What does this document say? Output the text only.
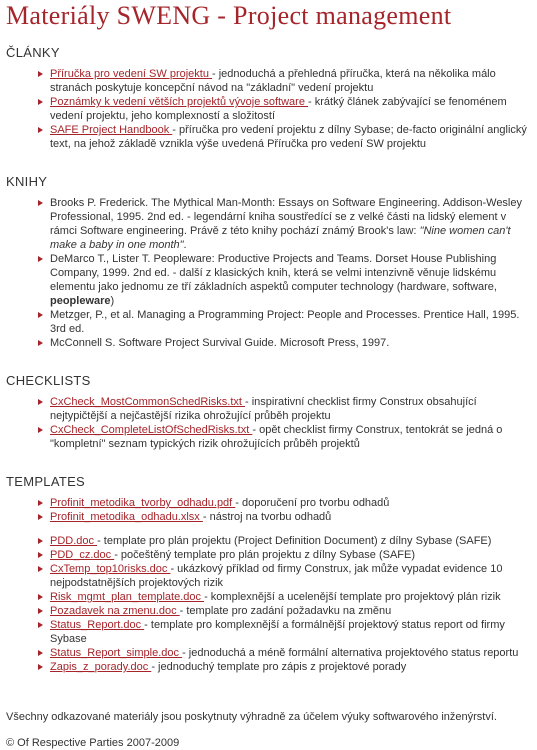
Materiály SWENG - Project management
ČLÁNKY
Příručka pro vedení SW projektu - jednoduchá a přehledná příručka, která na několika málo stranách poskytuje koncepční návod na "základní" vedení projektu
Poznámky k vedení větších projektů vývoje software - krátký článek zabývající se fenoménem vedení projektu, jeho komplexností a složitostí
SAFE Project Handbook - příručka pro vedení projektu z dílny Sybase; de-facto originální anglický text, na jehož základě vznikla výše uvedená Příručka pro vedení SW projektu
KNIHY
Brooks P. Frederick. The Mythical Man-Month: Essays on Software Engineering. Addison-Wesley Professional, 1995. 2nd ed. - legendární kniha soustředící se z velké části na lidský element v rámci Software engineering. Právě z této knihy pochází známý Brook's law: "Nine women can't make a baby in one month".
DeMarco T., Lister T. Peopleware: Productive Projects and Teams. Dorset House Publishing Company, 1999. 2nd ed. - další z klasických knih, která se velmi intenzivně věnuje lidskému elementu jako jednomu ze tří základních aspektů computer technology (hardware, software, peopleware)
Metzger, P., et al. Managing a Programming Project: People and Processes. Prentice Hall, 1995. 3rd ed.
McConnell S. Software Project Survival Guide. Microsoft Press, 1997.
CHECKLISTS
CxCheck_MostCommonSchedRisks.txt - inspirativní checklist firmy Construx obsahující nejtypičtější a nejčastější rizika ohrožující průběh projektu
CxCheck_CompleteListOfSchedRisks.txt - opět checklist firmy Construx, tentokrát se jedná o "kompletní" seznam typických rizik ohrožujících průběh projektů
TEMPLATES
Profinit_metodika_tvorby_odhadu.pdf - doporučení pro tvorbu odhadů
Profinit_metodika_odhadu.xlsx - nástroj na tvorbu odhadů
PDD.doc - template pro plán projektu (Project Definition Document) z dílny Sybase (SAFE)
PDD_cz.doc - počeštěný template pro plán projektu z dílny Sybase (SAFE)
CxTemp_top10risks.doc - ukázkový příklad od firmy Construx, jak může vypadat evidence 10 nejpodstatnějších projektových rizik
Risk_mgmt_plan_template.doc - komplexnější a ucelenější template pro projektový plán rizik
Pozadavek na zmenu.doc - template pro zadání požadavku na změnu
Status_Report.doc - template pro komplexnější a formálnější projektový status report od firmy Sybase
Status_Report_simple.doc - jednoduchá a méně formální alternativa projektového status reportu
Zapis_z_porady.doc - jednoduchý template pro zápis z projektové porady
Všechny odkazované materiály jsou poskytnuty výhradně za účelem výuky softwarového inženýrství.
© Of Respective Parties 2007-2009
